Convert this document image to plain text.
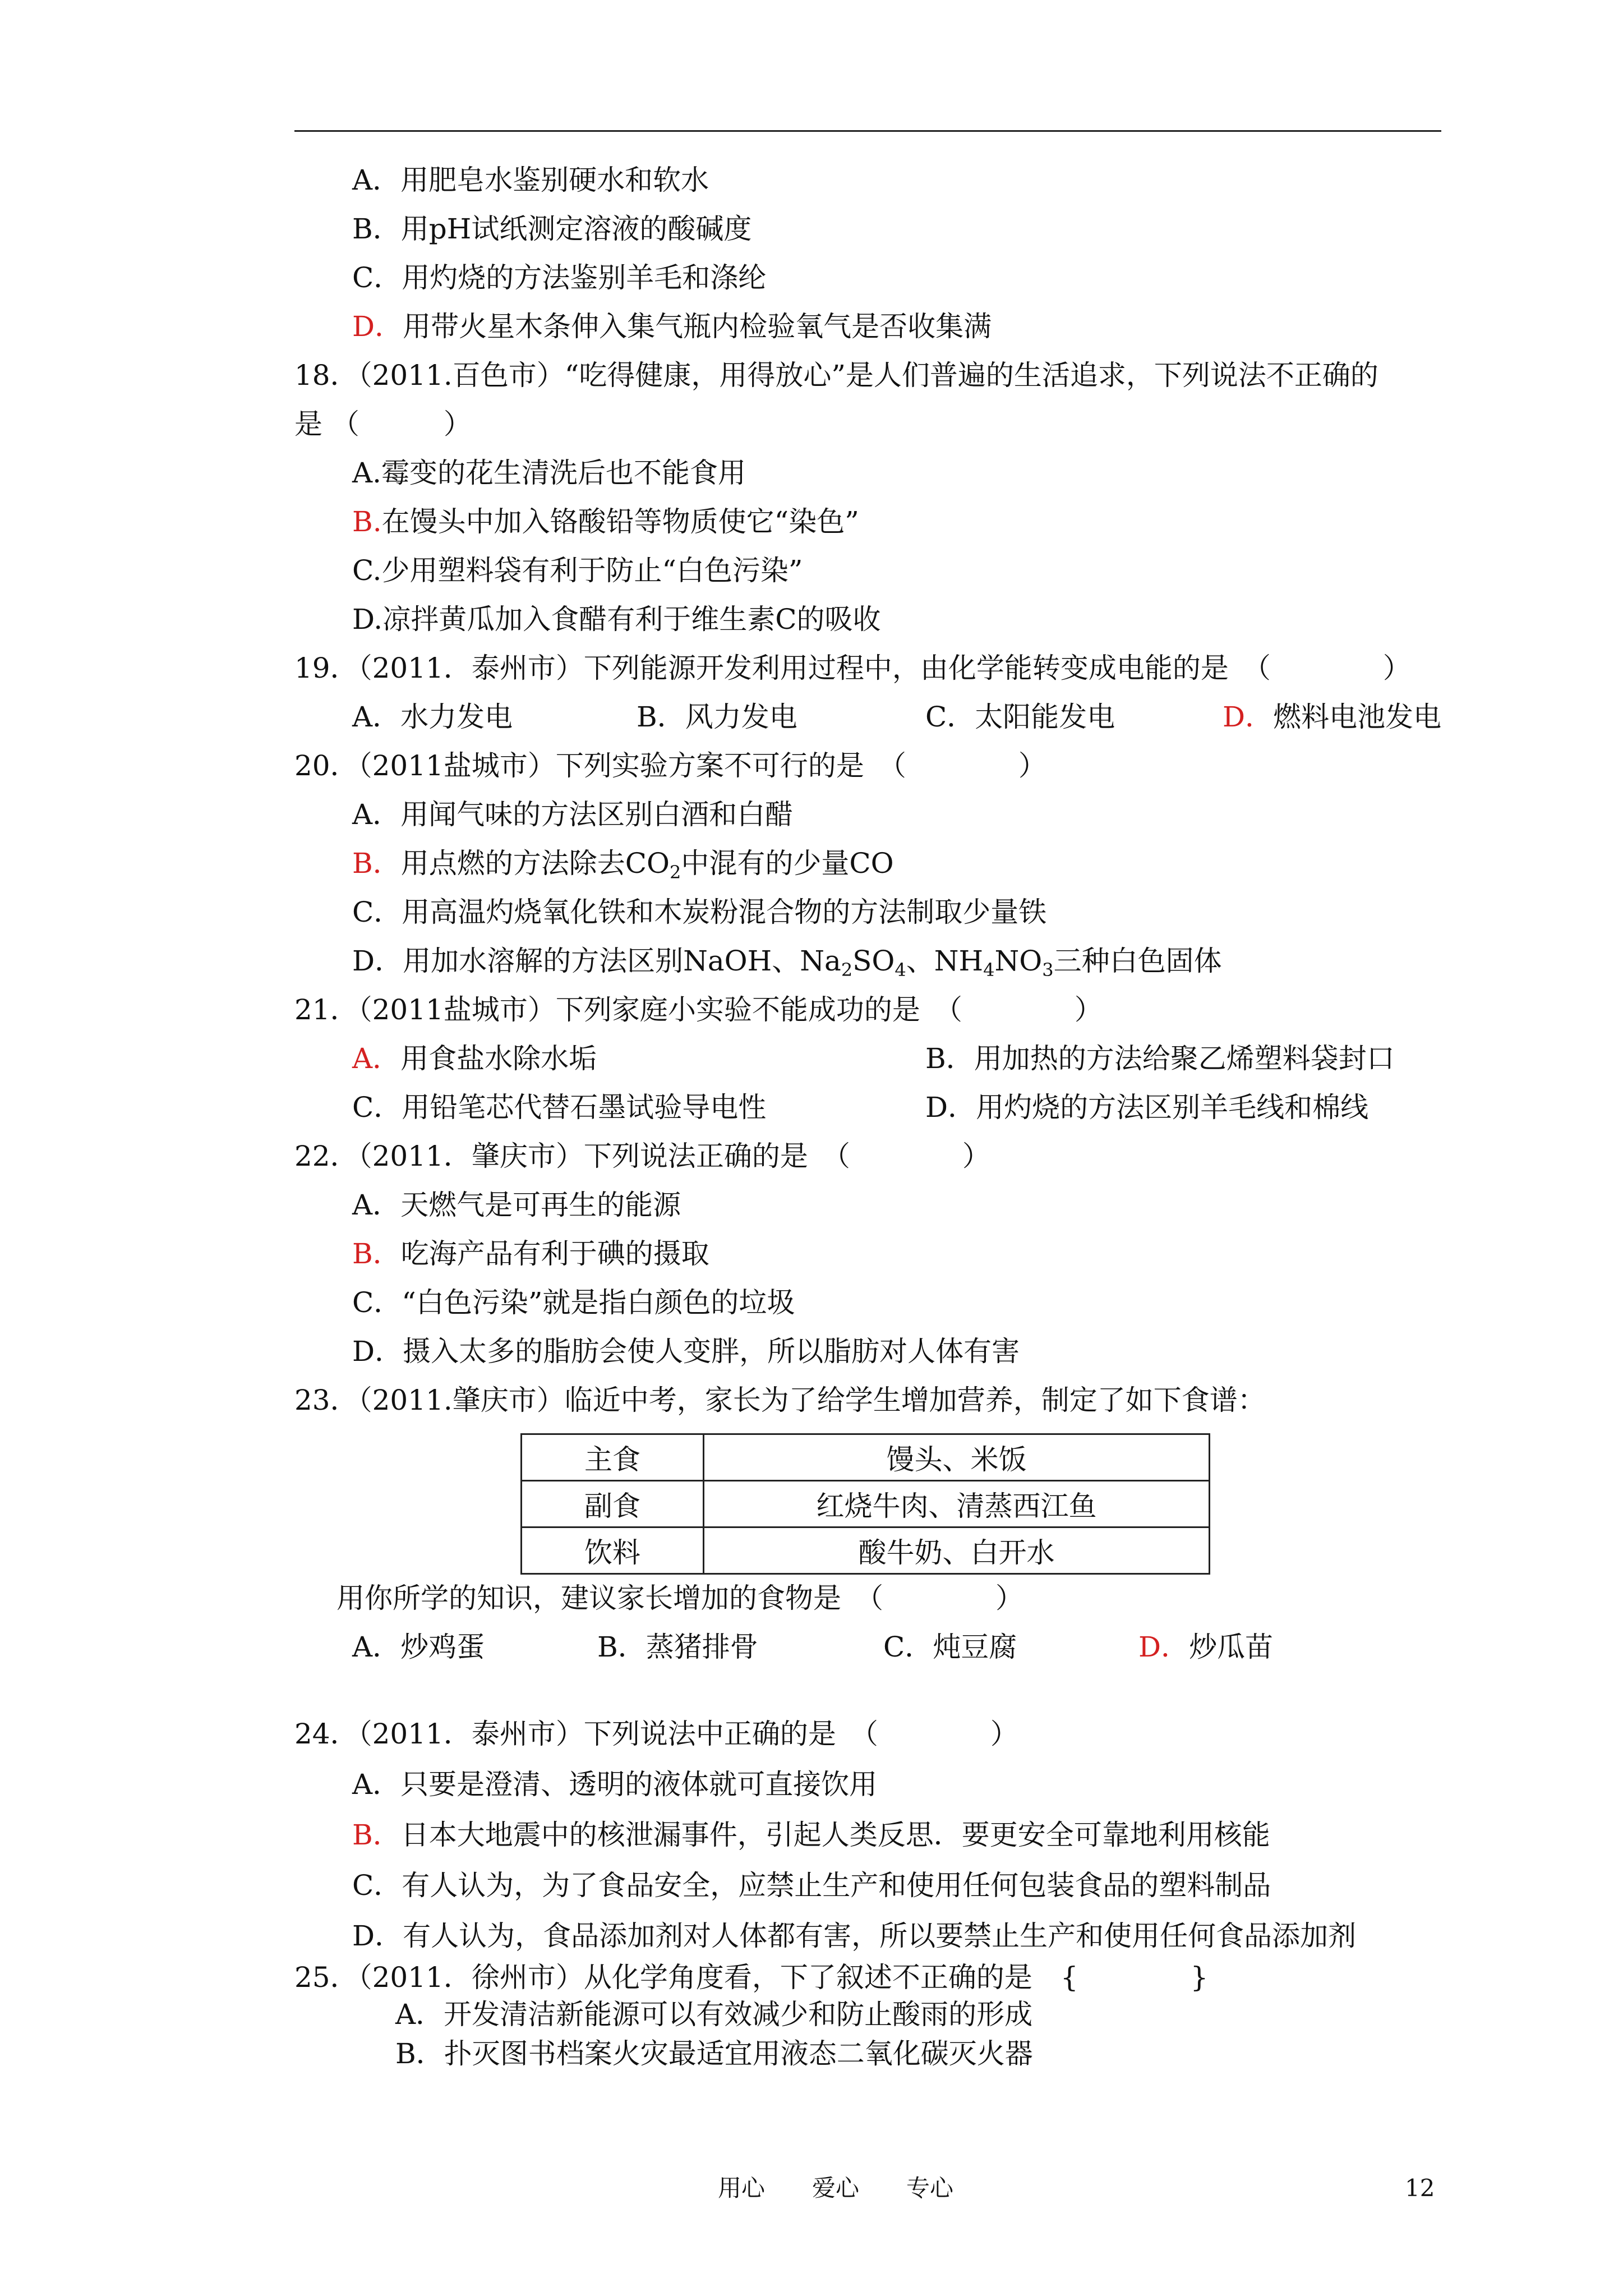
A．用肥皂水鉴别硬水和软水
B．用pH试纸测定溶液的酸碱度
C．用灼烧的方法鉴别羊毛和涤纶
D．用带火星木条伸入集气瓶内检验氧气是否收集满
18．（2011.百色市）“吃得健康，用得放心”是人们普遍的生活追求，下列说法不正确的
是 （　　　）
A.霉变的花生清洗后也不能食用
B.在馒头中加入铬酸铅等物质使它“染色”
C.少用塑料袋有利于防止“白色污染”
D.凉拌黄瓜加入食醋有利于维生素C的吸收
19．（2011．泰州市）下列能源开发利用过程中，由化学能转变成电能的是　（　　　　）
A．水力发电	B．风力发电	C．太阳能发电	D．燃料电池发电
20．（2011盐城市）下列实验方案不可行的是　（　　　　）
A．用闻气味的方法区别白酒和白醋
B．用点燃的方法除去$CO_2$中混有的少量CO
C．用高温灼烧氧化铁和木炭粉混合物的方法制取少量铁
D．用加水溶解的方法区别NaOH、$Na_2SO_4$、$NH_4NO_3$三种白色固体
21．（2011盐城市）下列家庭小实验不能成功的是　（　　　　）
A．用食盐水除水垢	B．用加热的方法给聚乙烯塑料袋封口
C．用铅笔芯代替石墨试验导电性	D．用灼烧的方法区别羊毛线和棉线
22．（2011．肇庆市）下列说法正确的是　（　　　　）
A．天燃气是可再生的能源
B．吃海产品有利于碘的摄取
C．“白色污染”就是指白颜色的垃圾
D．摄入太多的脂肪会使人变胖，所以脂肪对人体有害
23．（2011.肇庆市）临近中考，家长为了给学生增加营养，制定了如下食谱：
主食	馒头、米饭
副食	红烧牛肉、清蒸西江鱼
饮料	酸牛奶、白开水
用你所学的知识，建议家长增加的食物是　（　　　　）
A．炒鸡蛋	B．蒸猪排骨	C．炖豆腐	D．炒瓜苗
24．（2011．泰州市）下列说法中正确的是　（　　　　）
A．只要是澄清、透明的液体就可直接饮用
B．日本大地震中的核泄漏事件，引起人类反思．要更安全可靠地利用核能
C．有人认为，为了食品安全，应禁止生产和使用任何包装食品的塑料制品
D．有人认为，食品添加剂对人体都有害，所以要禁止生产和使用任何食品添加剂
25．（2011．徐州市）从化学角度看，下了叙述不正确的是　{　　　　}
A．开发清洁新能源可以有效减少和防止酸雨的形成
B．扑灭图书档案火灾最适宜用液态二氧化碳灭火器
用心　　爱心　　专心	12
